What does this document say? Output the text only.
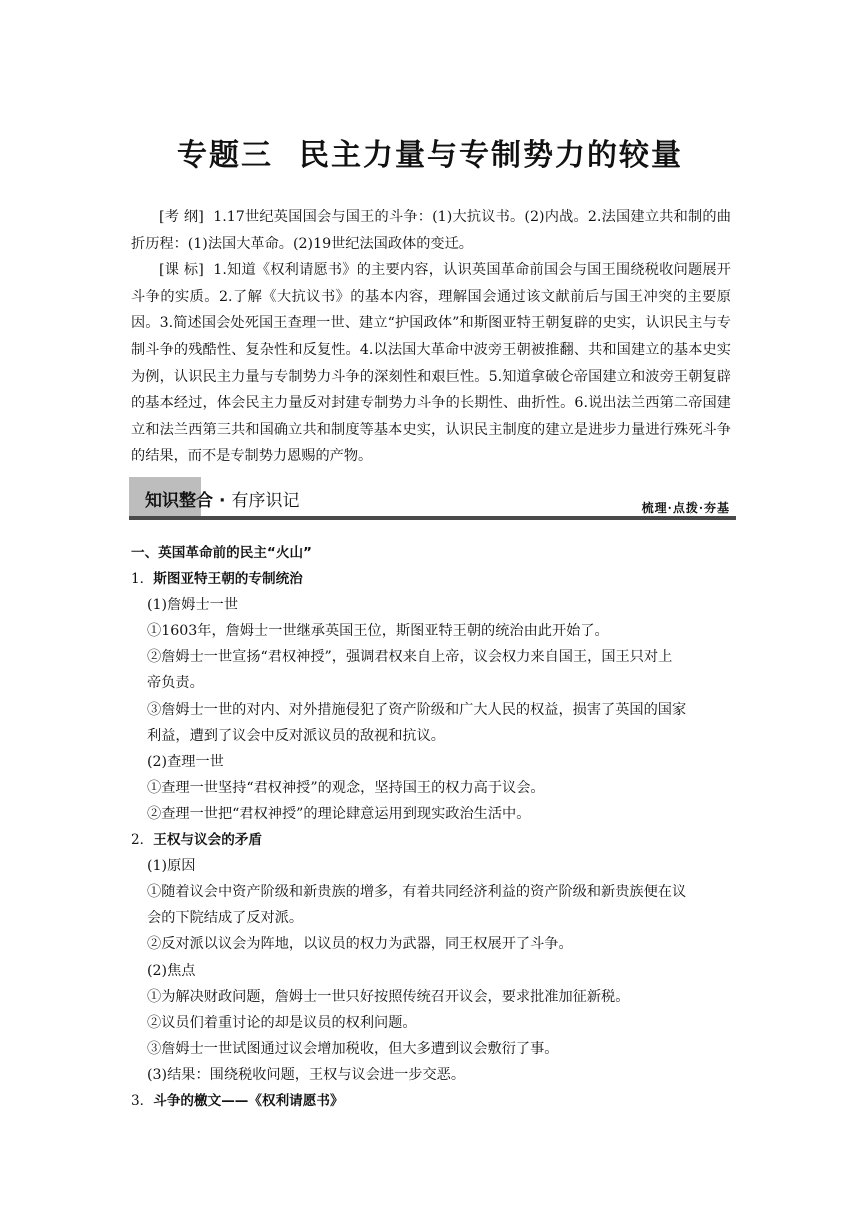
专题三 民主力量与专制势力的较量

[考 纲] 1.17世纪英国国会与国王的斗争：(1)大抗议书。(2)内战。2.法国建立共和制的曲折历程：(1)法国大革命。(2)19世纪法国政体的变迁。

[课 标] 1.知道《权利请愿书》的主要内容，认识英国革命前国会与国王围绕税收问题展开斗争的实质。2.了解《大抗议书》的基本内容，理解国会通过该文献前后与国王冲突的主要原因。3.简述国会处死国王查理一世、建立“护国政体”和斯图亚特王朝复辟的史实，认识民主与专制斗争的残酷性、复杂性和反复性。4.以法国大革命中波旁王朝被推翻、共和国建立的基本史实为例，认识民主力量与专制势力斗争的深刻性和艰巨性。5.知道拿破仑帝国建立和波旁王朝复辟的基本经过，体会民主力量反对封建专制势力斗争的长期性、曲折性。6.说出法兰西第二帝国建立和法兰西第三共和国确立共和制度等基本史实，认识民主制度的建立是进步力量进行殊死斗争的结果，而不是专制势力恩赐的产物。

知识整合 · 有序识记	梳理·点拨·夯基

一、英国革命前的民主“火山”

1．斯图亚特王朝的专制统治

(1)詹姆士一世

①1603年，詹姆士一世继承英国王位，斯图亚特王朝的统治由此开始了。

②詹姆士一世宣扬“君权神授”，强调君权来自上帝，议会权力来自国王，国王只对上

帝负责。

③詹姆士一世的对内、对外措施侵犯了资产阶级和广大人民的权益，损害了英国的国家

利益，遭到了议会中反对派议员的敌视和抗议。

(2)查理一世

①查理一世坚持“君权神授”的观念，坚持国王的权力高于议会。

②查理一世把“君权神授”的理论肆意运用到现实政治生活中。

2．王权与议会的矛盾

(1)原因

①随着议会中资产阶级和新贵族的增多，有着共同经济利益的资产阶级和新贵族便在议

会的下院结成了反对派。

②反对派以议会为阵地，以议员的权力为武器，同王权展开了斗争。

(2)焦点

①为解决财政问题，詹姆士一世只好按照传统召开议会，要求批准加征新税。

②议员们着重讨论的却是议员的权利问题。

③詹姆士一世试图通过议会增加税收，但大多遭到议会敷衍了事。

(3)结果：围绕税收问题，王权与议会进一步交恶。

3．斗争的檄文——《权利请愿书》
